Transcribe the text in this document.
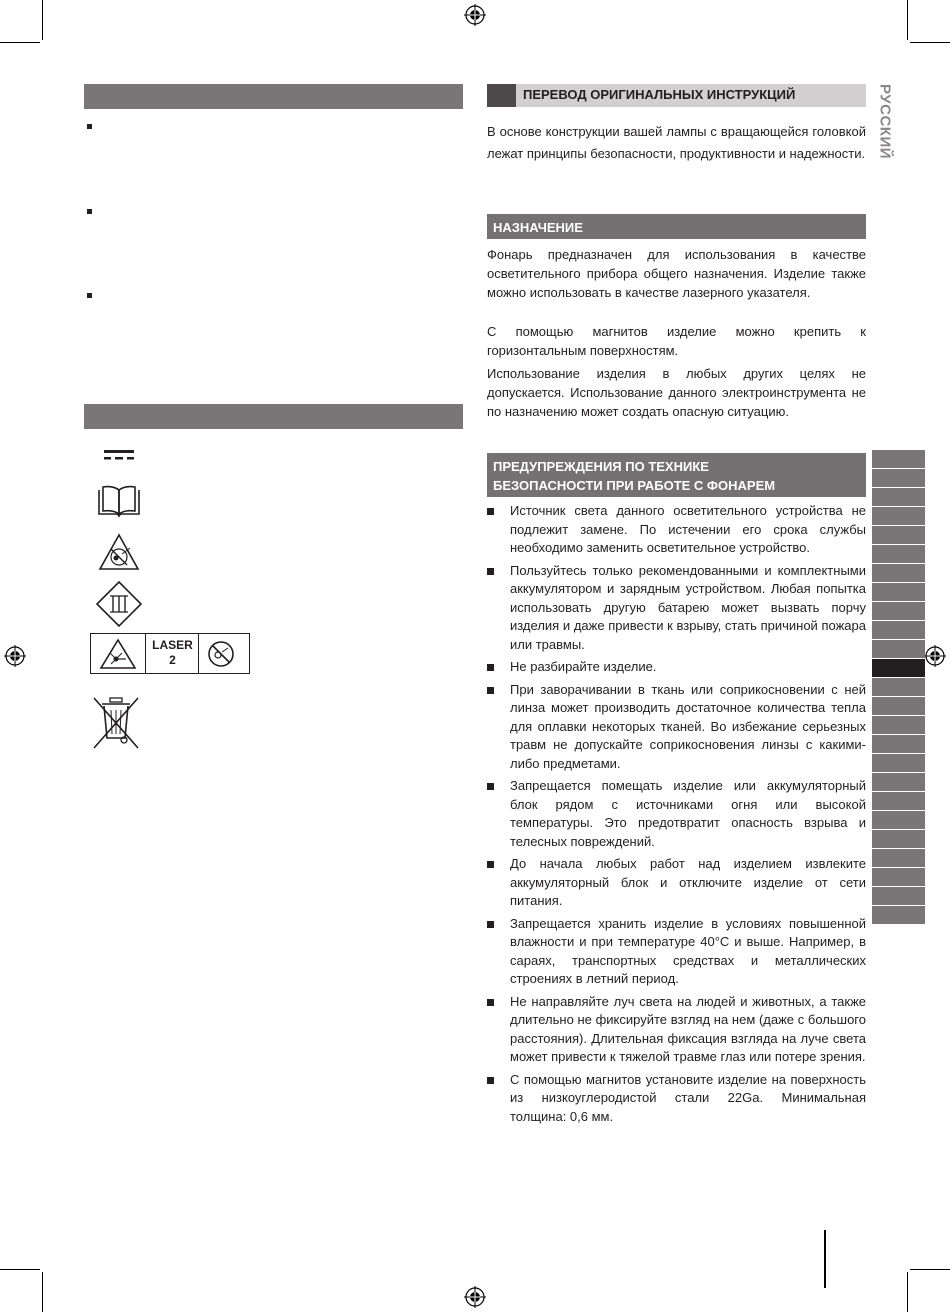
LASER
2
ПЕРЕВОД ОРИГИНАЛЬНЫХ ИНСТРУКЦИЙ

В основе конструкции вашей лампы с вращающейся головкой лежат принципы безопасности, продуктивности и надежности.

НАЗНАЧЕНИЕ

Фонарь предназначен для использования в качестве осветительного прибора общего назначения. Изделие также можно использовать в качестве лазерного указателя.

С помощью магнитов изделие можно крепить к горизонтальным поверхностям.

Использование изделия в любых других целях не допускается. Использование данного электроинструмента не по назначению может создать опасную ситуацию.

ПРЕДУПРЕЖДЕНИЯ ПО ТЕХНИКЕ
БЕЗОПАСНОСТИ ПРИ РАБОТЕ С ФОНАРЕМ
Источник света данного осветительного устройства не подлежит замене. По истечении его срока службы необходимо заменить осветительное устройство.
Пользуйтесь только рекомендованными и комплектными аккумулятором и зарядным устройством. Любая попытка использовать другую батарею может вызвать порчу изделия и даже привести к взрыву, стать причиной пожара или травмы.
Не разбирайте изделие.
При заворачивании в ткань или соприкосновении с ней линза может производить достаточное количества тепла для оплавки некоторых тканей. Во избежание серьезных травм не допускайте соприкосновения линзы с какими-либо предметами.
Запрещается помещать изделие или аккумуляторный блок рядом с источниками огня или высокой температуры. Это предотвратит опасность взрыва и телесных повреждений.
До начала любых работ над изделием извлеките аккумуляторный блок и отключите изделие от сети питания.
Запрещается хранить изделие в условиях повышенной влажности и при температуре 40°C и выше. Например, в сараях, транспортных средствах и металлических строениях в летний период.
Не направляйте луч света на людей и животных, а также длительно не фиксируйте взгляд на нем (даже с большого расстояния). Длительная фиксация взгляда на луче света может привести к тяжелой травме глаз или потере зрения.
С помощью магнитов установите изделие на поверхность из низкоуглеродистой стали 22Ga. Минимальная толщина: 0,6 мм.
РУССКИЙ
